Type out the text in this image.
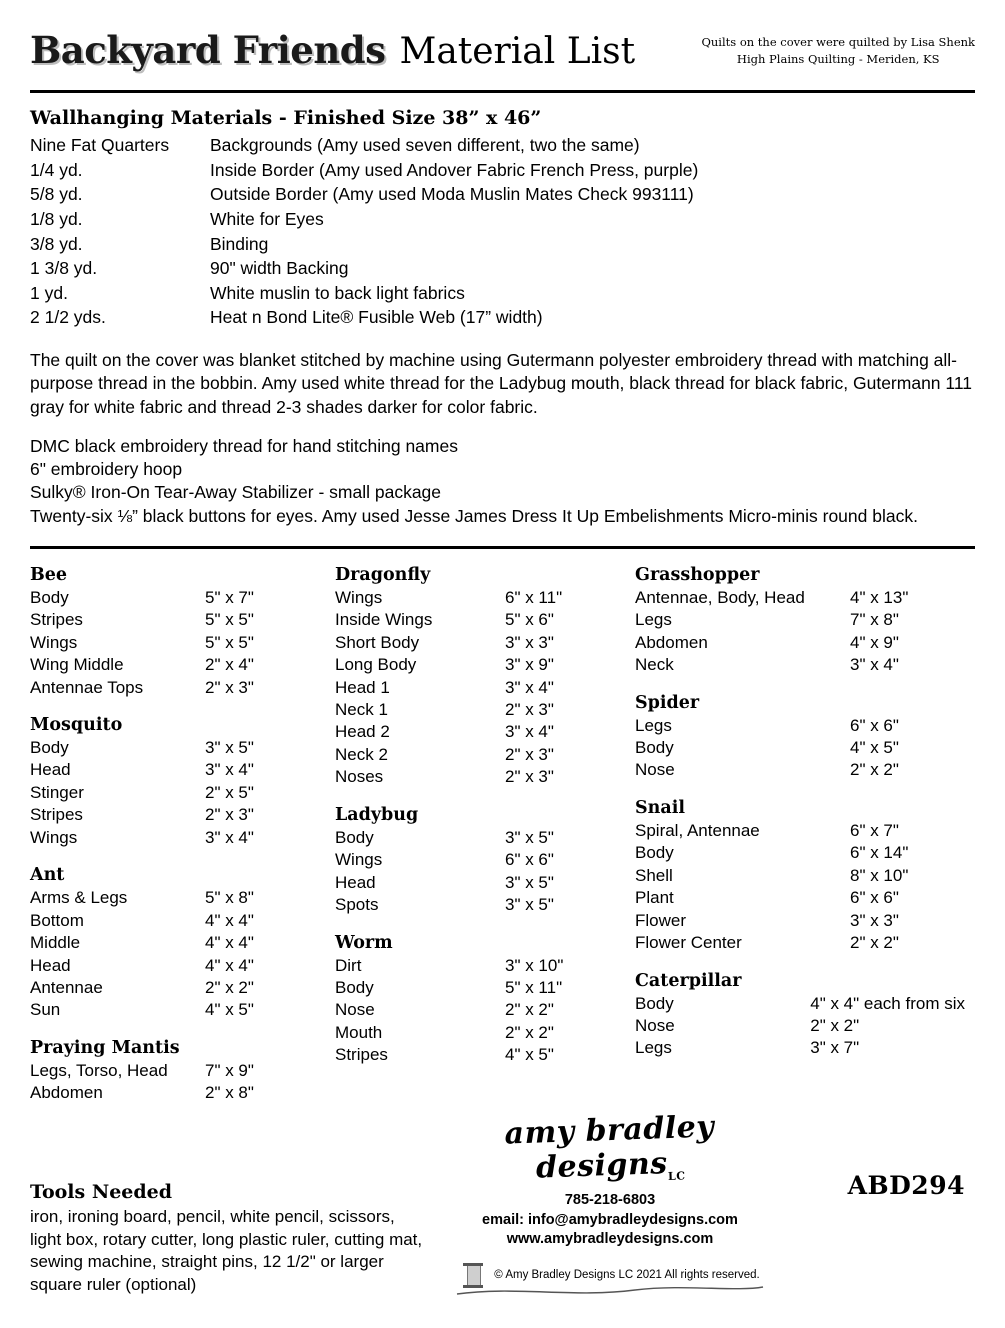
Backyard Friends Material List	Quilts on the cover were quilted by Lisa Shenk
High Plains Quilting - Meriden, KS
Wallhanging Materials - Finished Size 38” x 46”
Nine Fat Quarters	Backgrounds (Amy used seven different, two the same)
1/4 yd.	Inside Border (Amy used Andover Fabric French Press, purple)
5/8 yd.	Outside Border (Amy used Moda Muslin Mates Check 993111)
1/8 yd.	White for Eyes
3/8 yd.	Binding
1 3/8 yd.	90" width Backing
1 yd.	White muslin to back light fabrics
2 1/2 yds.	Heat n Bond Lite® Fusible Web (17” width)
The quilt on the cover was blanket stitched by machine using Gutermann polyester embroidery thread with matching all-purpose thread in the bobbin. Amy used white thread for the Ladybug mouth, black thread for black fabric, Gutermann 111 gray for white fabric and thread 2-3 shades darker for color fabric.
DMC black embroidery thread for hand stitching names
6" embroidery hoop
Sulky® Iron-On Tear-Away Stabilizer - small package
Twenty-six ⅛” black buttons for eyes. Amy used Jesse James Dress It Up Embelishments Micro-minis round black.
Bee
Body	5" x 7"
Stripes	5" x 5"
Wings	5" x 5"
Wing Middle	2" x 4"
Antennae Tops	2" x 3"
Mosquito
Body	3" x 5"
Head	3" x 4"
Stinger	2" x 5"
Stripes	2" x 3"
Wings	3" x 4"
Ant
Arms & Legs	5" x 8"
Bottom	4" x 4"
Middle	4" x 4"
Head	4" x 4"
Antennae	2" x 2"
Sun	4" x 5"
Praying Mantis
Legs, Torso, Head	7" x 9"
Abdomen	2" x 8"
Dragonfly
Wings	6" x 11"
Inside Wings	5" x 6"
Short Body	3" x 3"
Long Body	3" x 9"
Head 1	3" x 4"
Neck 1	2" x 3"
Head 2	3" x 4"
Neck 2	2" x 3"
Noses	2" x 3"
Ladybug
Body	3" x 5"
Wings	6" x 6"
Head	3" x 5"
Spots	3" x 5"
Worm
Dirt	3" x 10"
Body	5" x 11"
Nose	2" x 2"
Mouth	2" x 2"
Stripes	4" x 5"
Grasshopper
Antennae, Body, Head	4" x 13"
Legs	7" x 8"
Abdomen	4" x 9"
Neck	3" x 4"
Spider
Legs	6" x 6"
Body	4" x 5"
Nose	2" x 2"
Snail
Spiral, Antennae	6" x 7"
Body	6" x 14"
Shell	8" x 10"
Plant	6" x 6"
Flower	3" x 3"
Flower Center	2" x 2"
Caterpillar
Body	4" x 4" each from six
Nose	2" x 2"
Legs	3" x 7"
Tools Needed

iron, ironing board, pencil, white pencil, scissors, light box, rotary cutter, long plastic ruler, cutting mat, sewing machine, straight pins, 12 1/2" or larger square ruler (optional)

ABD294
amy bradley designs$_{LC}$
785-218-6803
email: info@amybradleydesigns.com
www.amybradleydesigns.com
© Amy Bradley Designs LC 2021 All rights reserved.
